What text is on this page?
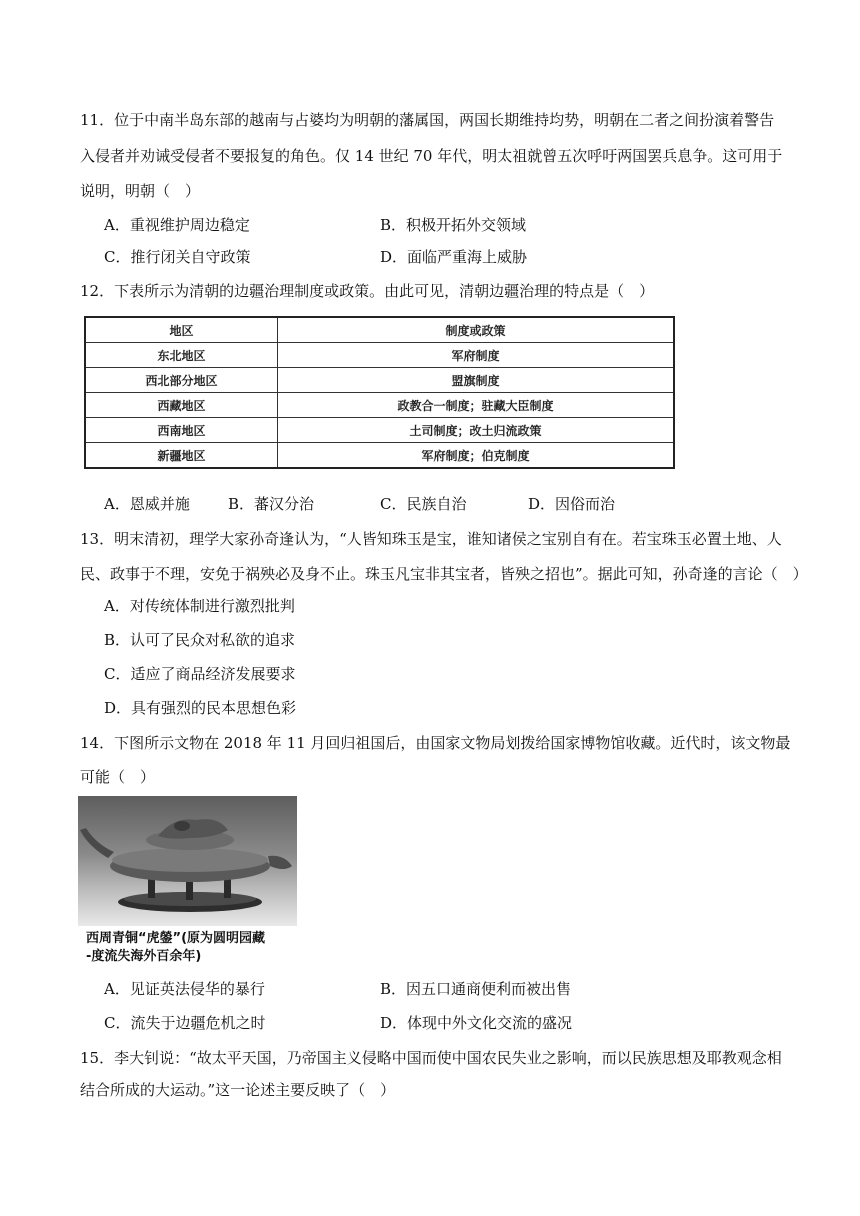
11．位于中南半岛东部的越南与占婆均为明朝的藩属国，两国长期维持均势，明朝在二者之间扮演着警告
入侵者并劝诫受侵者不要报复的角色。仅 14 世纪 70 年代，明太祖就曾五次呼吁两国罢兵息争。这可用于
说明，明朝（　）
A．重视维护周边稳定	B．积极开拓外交领域
C．推行闭关自守政策	D．面临严重海上威胁
12．下表所示为清朝的边疆治理制度或政策。由此可见，清朝边疆治理的特点是（　）
地区	制度或政策
东北地区	军府制度
西北部分地区	盟旗制度
西藏地区	政教合一制度；驻藏大臣制度
西南地区	土司制度；改土归流政策
新疆地区	军府制度；伯克制度
A．恩威并施	B．蕃汉分治	C．民族自治	D．因俗而治
13．明末清初，理学大家孙奇逢认为，“人皆知珠玉是宝，谁知诸侯之宝别自有在。若宝珠玉必置土地、人
民、政事于不理，安免于祸殃必及身不止。珠玉凡宝非其宝者，皆殃之招也”。据此可知，孙奇逢的言论（　）
A．对传统体制进行激烈批判
B．认可了民众对私欲的追求
C．适应了商品经济发展要求
D．具有强烈的民本思想色彩
14．下图所示文物在 2018 年 11 月回归祖国后，由国家文物局划拨给国家博物馆收藏。近代时，该文物最
可能（　）
西周青铜“虎鎣”(原为圆明园藏
-度流失海外百余年)
A．见证英法侵华的暴行	B．因五口通商便利而被出售
C．流失于边疆危机之时	D．体现中外文化交流的盛况
15．李大钊说：“故太平天国，乃帝国主义侵略中国而使中国农民失业之影响，而以民族思想及耶教观念相
结合所成的大运动。”这一论述主要反映了（　）
